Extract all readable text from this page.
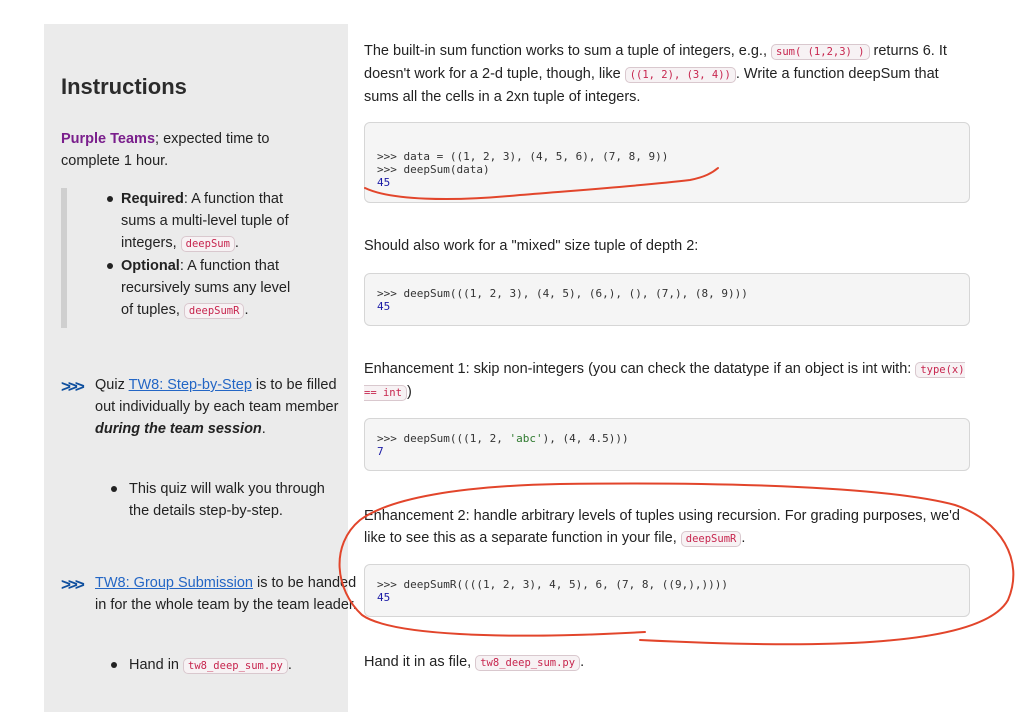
Instructions
Purple Teams; expected time to complete 1 hour.
Required: A function that sums a multi-level tuple of integers, deepSum .
Optional: A function that recursively sums any level of tuples, deepSumR .
>>> Quiz TW8: Step-by-Step is to be filled out individually by each team member during the team session.
This quiz will walk you through the details step-by-step.
>>> TW8: Group Submission is to be handed in for the whole team by the team leader.
Hand in tw8_deep_sum.py .
The built-in sum function works to sum a tuple of integers, e.g., sum( (1,2,3) ) returns 6. It doesn't work for a 2-d tuple, though, like ((1, 2), (3, 4)) . Write a function deepSum that sums all the cells in a 2xn tuple of integers.
>>> data = ((1, 2, 3), (4, 5, 6), (7, 8, 9))
>>> deepSum(data)
45
Should also work for a "mixed" size tuple of depth 2:
>>> deepSum(((1, 2, 3), (4, 5), (6,), (), (7,), (8, 9)))
45
Enhancement 1: skip non-integers (you can check the datatype if an object is int with: type(x) == int )
>>> deepSum(((1, 2, 'abc'), (4, 4.5)))
7
Enhancement 2: handle arbitrary levels of tuples using recursion. For grading purposes, we'd like to see this as a separate function in your file, deepSumR .
>>> deepSumR((((1, 2, 3), 4, 5), 6, (7, 8, ((9,),))))
45
Hand it in as file, tw8_deep_sum.py .
